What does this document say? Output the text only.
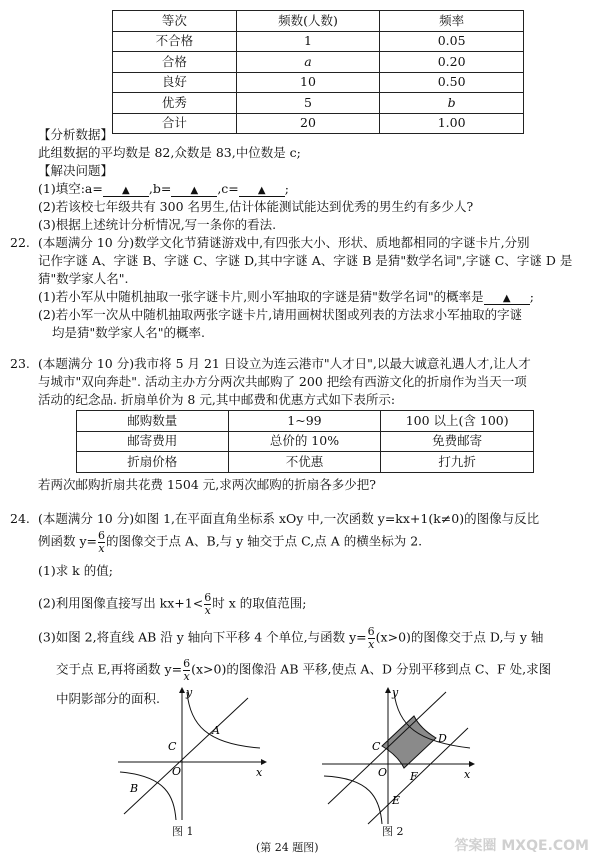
等次	频数(人数)	频率
不合格	1	0.05
合格	a	0.20
良好	10	0.50
优秀	5	b
合计	20	1.00
【分析数据】
此组数据的平均数是 82,众数是 83,中位数是 c;
【解决问题】
(1)填空:a= ▲ ,b= ▲ ,c= ▲ ;
(2)若该校七年级共有 300 名男生,估计体能测试能达到优秀的男生约有多少人?
(3)根据上述统计分析情况,写一条你的看法.
22. (本题满分 10 分)数学文化节猜谜游戏中,有四张大小、形状、质地都相同的字谜卡片,分别
记作字谜 A、字谜 B、字谜 C、字谜 D,其中字谜 A、字谜 B 是猜"数学名词",字谜 C、字谜 D 是
猜"数学家人名".
(1)若小军从中随机抽取一张字谜卡片,则小军抽取的字谜是猜"数学名词"的概率是 ▲ ;
(2)若小军一次从中随机抽取两张字谜卡片,请用画树状图或列表的方法求小军抽取的字谜
均是猜"数学家人名"的概率.
23. (本题满分 10 分)我市将 5 月 21 日设立为连云港市"人才日",以最大诚意礼遇人才,让人才
与城市"双向奔赴". 活动主办方分两次共邮购了 200 把绘有西游文化的折扇作为当天一项
活动的纪念品. 折扇单价为 8 元,其中邮费和优惠方式如下表所示:
邮购数量	1~99	100 以上(含 100)
邮寄费用	总价的 10%	免费邮寄
折扇价格	不优惠	打九折
若两次邮购折扇共花费 1504 元,求两次邮购的折扇各多少把?
24. (本题满分 10 分)如图 1,在平面直角坐标系 xOy 中,一次函数 y=kx+1(k≠0)的图像与反比
例函数 $y= \frac{6}{x}$ 的图像交于点 A、B,与 y 轴交于点 C,点 A 的横坐标为 2.
(1)求 k 的值;
(2)利用图像直接写出 $kx+1< \frac{6}{x}$ 时 x 的取值范围;
(3)如图 2,将直线 AB 沿 y 轴向下平移 4 个单位,与函数 $y= \frac{6}{x} (x>0)$的图像交于点 D,与 y 轴
交于点 E,再将函数 $y= \frac{6}{x} (x>0)$的图像沿 AB 平移,使点 A、D 分别平移到点 C、F 处,求图
中阴影部分的面积. y
x
O
A
B
C
图 1
y
x
O
C
D
E
F
图 2
(第 24 题图)	答案圈 MXQE.COM
